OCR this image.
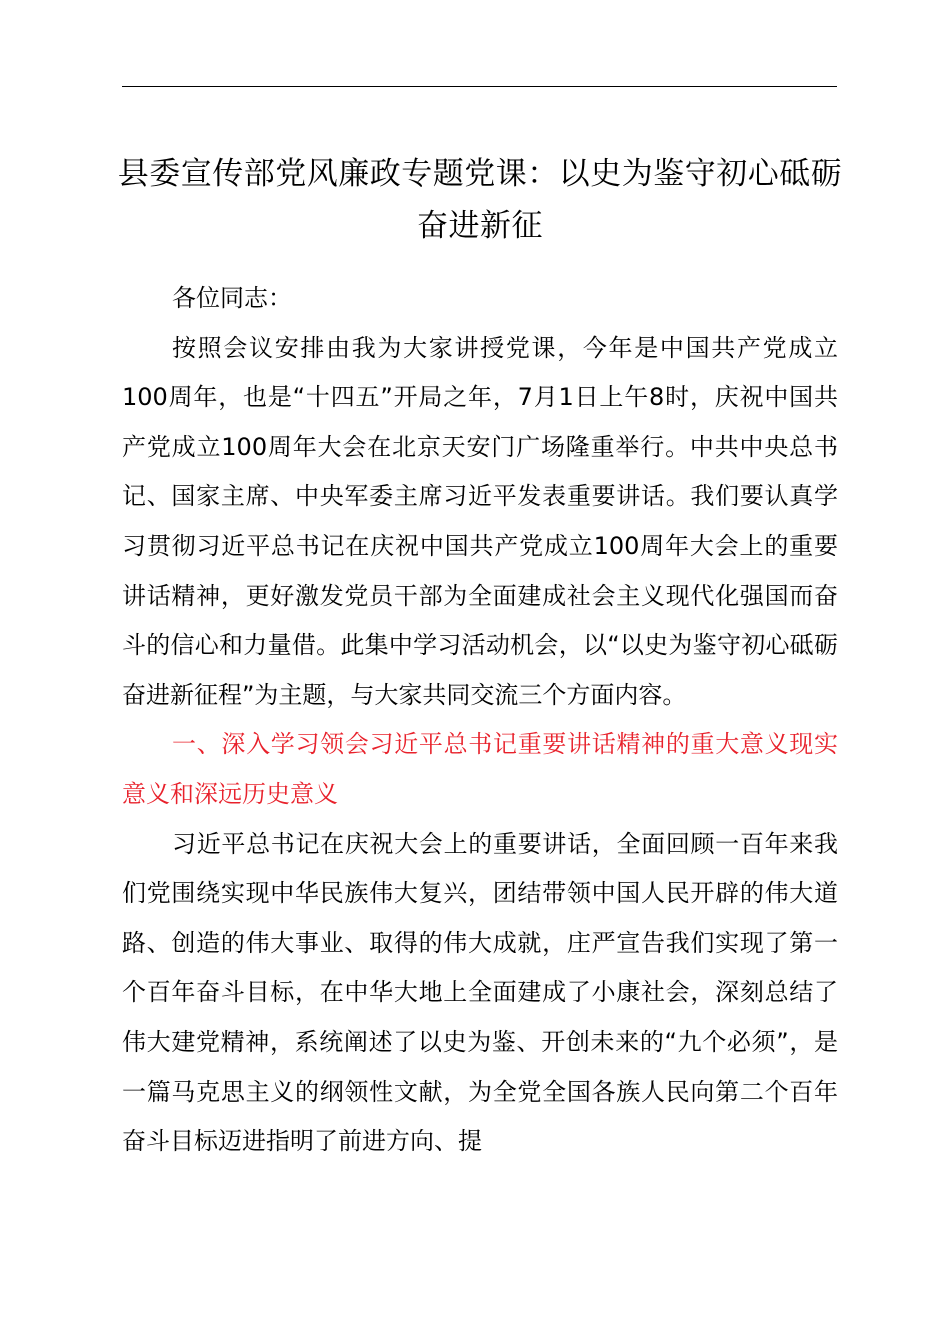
县委宣传部党风廉政专题党课：以史为鉴守初心砥砺奋进新征

各位同志：

按照会议安排由我为大家讲授党课，今年是中国共产党成立100周年，也是“十四五”开局之年，7月1日上午8时，庆祝中国共产党成立100周年大会在北京天安门广场隆重举行。中共中央总书记、国家主席、中央军委主席习近平发表重要讲话。我们要认真学习贯彻习近平总书记在庆祝中国共产党成立100周年大会上的重要讲话精神，更好激发党员干部为全面建成社会主义现代化强国而奋斗的信心和力量借。此集中学习活动机会，以“以史为鉴守初心砥砺奋进新征程”为主题，与大家共同交流三个方面内容。

一、深入学习领会习近平总书记重要讲话精神的重大意义现实意义和深远历史意义

习近平总书记在庆祝大会上的重要讲话，全面回顾一百年来我们党围绕实现中华民族伟大复兴，团结带领中国人民开辟的伟大道路、创造的伟大事业、取得的伟大成就，庄严宣告我们实现了第一个百年奋斗目标，在中华大地上全面建成了小康社会，深刻总结了伟大建党精神，系统阐述了以史为鉴、开创未来的“九个必须”，是一篇马克思主义的纲领性文献，为全党全国各族人民向第二个百年奋斗目标迈进指明了前进方向、提
